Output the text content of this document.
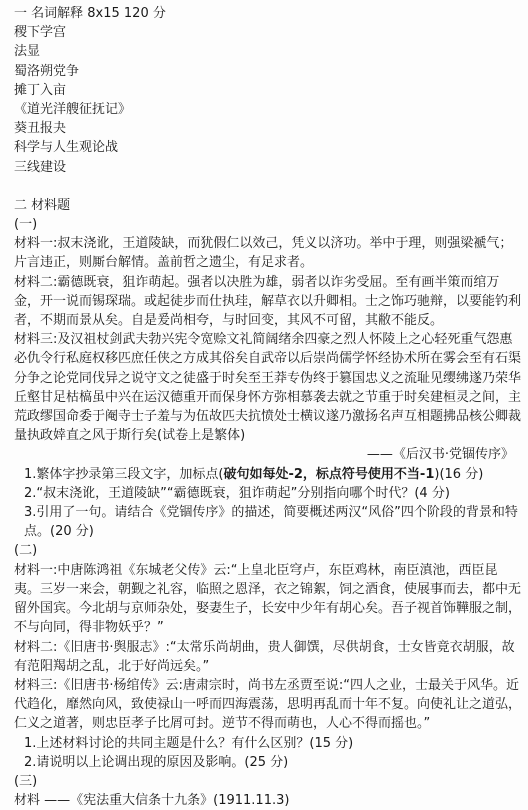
一 名词解释 8x15 120 分
稷下学宫
法显
蜀洛朔党争
摊丁入亩
《道光洋艘征抚记》
葵丑报夬
科学与人生观论战
三线建设
二 材料题
(一)
材料一:叔末浇讹，王道陵缺，而犹假仁以效己，凭义以济功。举中于理，则强梁褫气；片言违正，则厮台解情。盖前哲之遗尘，有足求者。
材料二:霸德既衰，狙诈萌起。强者以决胜为雄，弱者以诈劣受屈。至有画半策而绾万金，开一说而锡琛瑞。或起徒步而仕执珪，解草衣以升卿相。士之饰巧驰辩，以要能钓利者，不期而景从矣。自是爰尚相夸，与时回变，其风不可留，其敝不能反。
材料三:及汉祖杖剑武夫勃兴宪令宽赊文礼简阔绪余四豪之烈人怀陵上之心轻死重气怨惠必仇令行私庭权移匹庶任侠之方成其俗矣自武帝以后崇尚儒学怀经协术所在雾会至有石渠分争之论党同伐异之说守文之徒盛于时矣至王莽专伪终于篡国忠义之流耻见缨绋遂乃荣华丘壑甘足枯槁虽中兴在运汉德重开而保身怀方弥相慕袭去就之节重于时矣建桓灵之间，主荒政缪国命委于阉寺士子羞与为伍故匹夫抗愤处士横议遂乃激扬名声互相题拂品核公卿裁量执政婞直之风于斯行矣(试卷上是繁体)
——《后汉书·党锢传序》
1.繁体字抄录第三段文字，加标点(破句如每处-2，标点符号使用不当-1)(16 分)
2.“叔末浇讹，王道陵缺”“霸德既衰，狙诈萌起”分别指向哪个时代？(4 分)
3.引用了一句。请结合《党锢传序》的描述，简要概述两汉“风俗”四个阶段的背景和特点。(20 分)
(二)
材料一:中唐陈鸿祖《东城老父传》云:“上皇北臣穹卢，东臣鸡林，南臣滇池，西臣昆夷。三岁一来会，朝觐之礼容，临照之恩泽，衣之锦絮，饲之酒食，使展事而去，都中无留外国宾。今北胡与京师杂处，娶妻生子，长安中少年有胡心矣。吾子视首饰鞾服之制，不与向同，得非物妖乎？”
材料二:《旧唐书·舆服志》:“太常乐尚胡曲，贵人御馔，尽供胡食，士女皆竟衣胡服，故有范阳羯胡之乱，北于好尚远矣。”
材料三:《旧唐书·杨绾传》云:唐肃宗时，尚书左丞贾至说:“四人之业，士最关于风华。近代趋化，靡然向风，致使禄山一呼而四海震荡，思明再乱而十年不复。向使礼让之道弘，仁义之道著，则忠臣孝子比屑可封。逆节不得而萌也，人心不得而摇也。”
1.上述材料讨论的共同主题是什么？有什么区别？(15 分)
2.请说明以上论调出现的原因及影响。(25 分)
(三)
材料 ——《宪法重大信条十九条》(1911.11.3)
